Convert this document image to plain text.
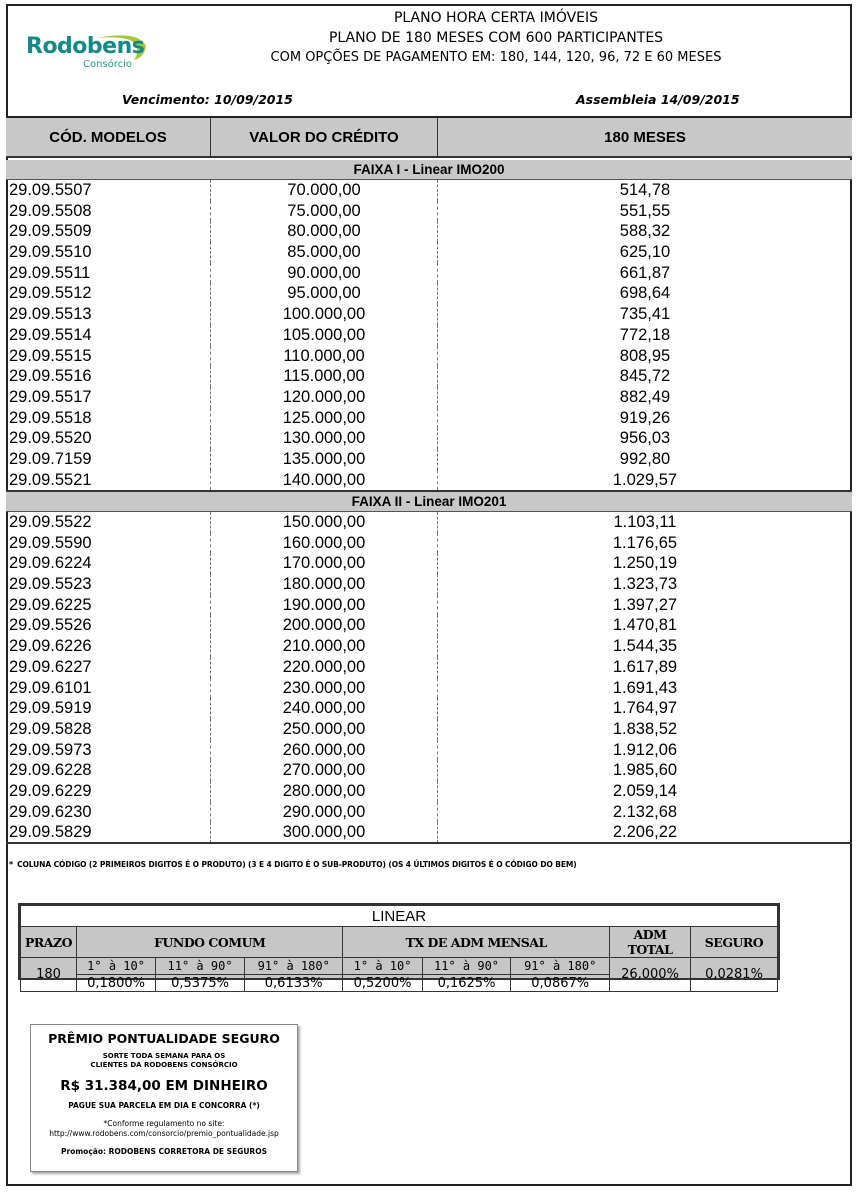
Rodobens
Consórcio
PLANO HORA CERTA IMÓVEIS
PLANO DE 180 MESES COM 600 PARTICIPANTES
COM OPÇÕES DE PAGAMENTO EM: 180, 144, 120, 96, 72 E 60 MESES
Vencimento: 10/09/2015	Assembleia 14/09/2015
CÓD. MODELOS	VALOR DO CRÉDITO	180 MESES
FAIXA I - Linear IMO200
29.09.5507	70.000,00	514,78
29.09.5508	75.000,00	551,55
29.09.5509	80.000,00	588,32
29.09.5510	85.000,00	625,10
29.09.5511	90.000,00	661,87
29.09.5512	95.000,00	698,64
29.09.5513	100.000,00	735,41
29.09.5514	105.000,00	772,18
29.09.5515	110.000,00	808,95
29.09.5516	115.000,00	845,72
29.09.5517	120.000,00	882,49
29.09.5518	125.000,00	919,26
29.09.5520	130.000,00	956,03
29.09.7159	135.000,00	992,80
29.09.5521	140.000,00	1.029,57
FAIXA II - Linear IMO201
29.09.5522	150.000,00	1.103,11
29.09.5590	160.000,00	1.176,65
29.09.6224	170.000,00	1.250,19
29.09.5523	180.000,00	1.323,73
29.09.6225	190.000,00	1.397,27
29.09.5526	200.000,00	1.470,81
29.09.6226	210.000,00	1.544,35
29.09.6227	220.000,00	1.617,89
29.09.6101	230.000,00	1.691,43
29.09.5919	240.000,00	1.764,97
29.09.5828	250.000,00	1.838,52
29.09.5973	260.000,00	1.912,06
29.09.6228	270.000,00	1.985,60
29.09.6229	280.000,00	2.059,14
29.09.6230	290.000,00	2.132,68
29.09.5829	300.000,00	2.206,22
* COLUNA CÓDIGO (2 PRIMEIROS DIGITOS É O PRODUTO) (3 E 4 DIGITO É O SUB-PRODUTO) (OS 4 ÚLTIMOS DIGITOS É O CÓDIGO DO BEM)
LINEAR								
PRAZO	FUNDO COMUM			TX DE ADM MENSAL			ADM TOTAL	SEGURO
180	1° à 10°	11° à 90°	91° à 180°	1° à 10°	11° à 90°	91° à 180°	26,000%	0,0281%
	0,1800%	0,5375%	0,6133%	0,5200%	0,1625%	0,0867%		
PRÊMIO PONTUALIDADE SEGURO
SORTE TODA SEMANA PARA OS
CLIENTES DA RODOBENS CONSÓRCIO
R$ 31.384,00 EM DINHEIRO
PAGUE SUA PARCELA EM DIA E CONCORRA (*)
*Conforme regulamento no site:
http://www.rodobens.com/consorcio/premio_pontualidade.jsp
Promoção: RODOBENS CORRETORA DE SEGUROS
